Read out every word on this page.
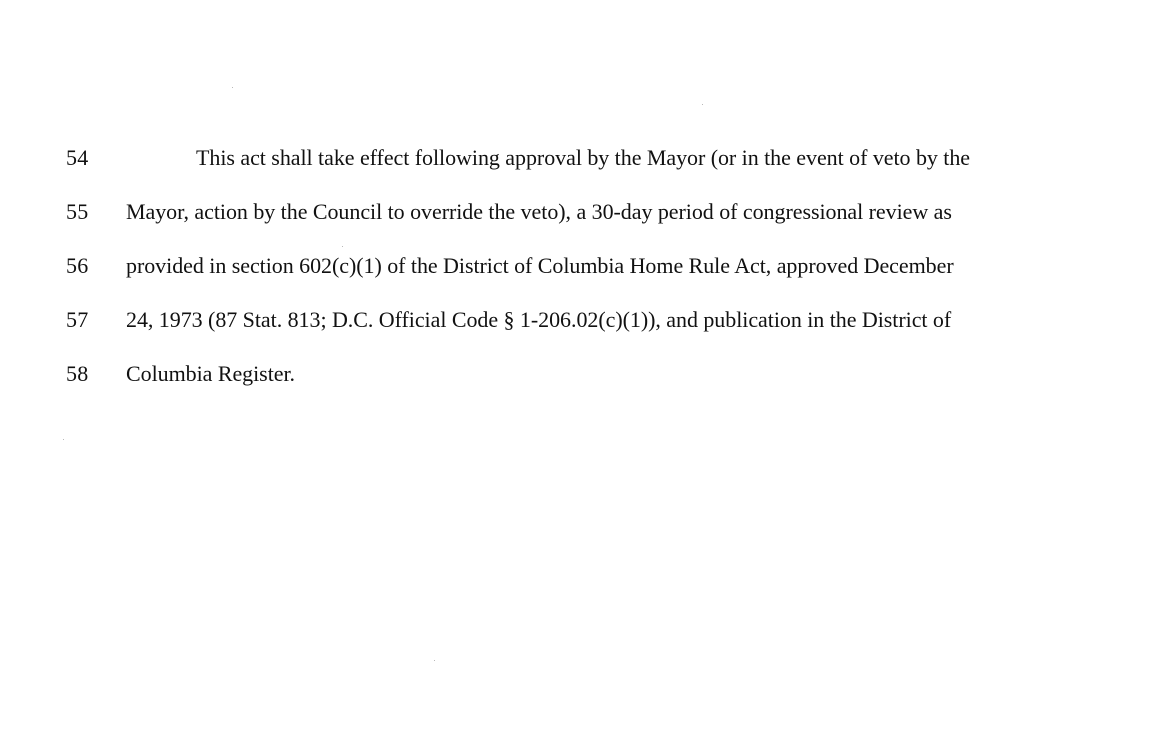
54	This act shall take effect following approval by the Mayor (or in the event of veto by the
55 Mayor, action by the Council to override the veto), a 30-day period of congressional review as
56 provided in section 602(c)(1) of the District of Columbia Home Rule Act, approved December
57 24, 1973 (87 Stat. 813; D.C. Official Code § 1-206.02(c)(1)), and publication in the District of
58 Columbia Register.
